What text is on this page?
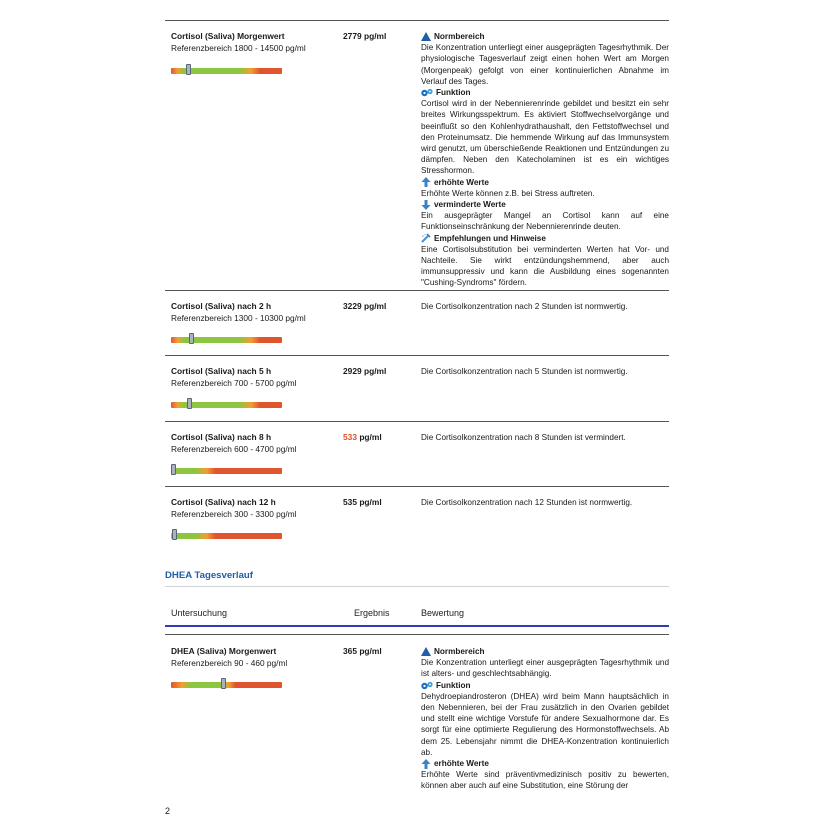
Cortisol (Saliva) Morgenwert
Referenzbereich 1800 - 14500 pg/ml
2779 pg/ml	Normbereich

Die Konzentration unterliegt einer ausgeprägten Tagesrhythmik. Der physiologische Tagesverlauf zeigt einen hohen Wert am Morgen (Morgenpeak) gefolgt von einer kontinuierlichen Abnahme im Verlauf des Tages.

Funktion

Cortisol wird in der Nebennierenrinde gebildet und besitzt ein sehr breites Wirkungsspektrum. Es aktiviert Stoffwechselvorgänge und beeinflußt so den Kohlenhydrathaushalt, den Fettstoffwechsel und den Proteinumsatz. Die hemmende Wirkung auf das Immunsystem wird genutzt, um überschießende Reaktionen und Entzündungen zu dämpfen. Neben den Katecholaminen ist es ein wichtiges Stresshormon.

erhöhte Werte

Erhöhte Werte können z.B. bei Stress auftreten.

verminderte Werte

Ein ausgeprägter Mangel an Cortisol kann auf eine Funktionseinschränkung der Nebennierenrinde deuten.

Empfehlungen und Hinweise

Eine Cortisolsubstitution bei verminderten Werten hat Vor- und Nachteile. Sie wirkt entzündungshemmend, aber auch immunsuppressiv und kann die Ausbildung eines sogenannten "Cushing-Syndroms" fördern.

Cortisol (Saliva) nach 2 h
Referenzbereich 1300 - 10300 pg/ml
3229 pg/ml	Die Cortisolkonzentration nach 2 Stunden ist normwertig.

Cortisol (Saliva) nach 5 h
Referenzbereich 700 - 5700 pg/ml
2929 pg/ml	Die Cortisolkonzentration nach 5 Stunden ist normwertig.

Cortisol (Saliva) nach 8 h
Referenzbereich 600 - 4700 pg/ml
533 pg/ml	Die Cortisolkonzentration nach 8 Stunden ist vermindert.

Cortisol (Saliva) nach 12 h
Referenzbereich 300 - 3300 pg/ml
535 pg/ml	Die Cortisolkonzentration nach 12 Stunden ist normwertig.

DHEA Tagesverlauf
Untersuchung	Ergebnis	Bewertung
DHEA (Saliva) Morgenwert
Referenzbereich 90 - 460 pg/ml
365 pg/ml	Normbereich

Die Konzentration unterliegt einer ausgeprägten Tagesrhythmik und ist alters- und geschlechtsabhängig.

Funktion

Dehydroepiandrosteron (DHEA) wird beim Mann hauptsächlich in den Nebennieren, bei der Frau zusätzlich in den Ovarien gebildet und stellt eine wichtige Vorstufe für andere Sexualhormone dar. Es sorgt für eine optimierte Regulierung des Hormonstoffwechsels. Ab dem 25. Lebensjahr nimmt die DHEA-Konzentration kontinuierlich ab.

erhöhte Werte

Erhöhte Werte sind präventivmedizinisch positiv zu bewerten, können aber auch auf eine Substitution, eine Störung der

2
